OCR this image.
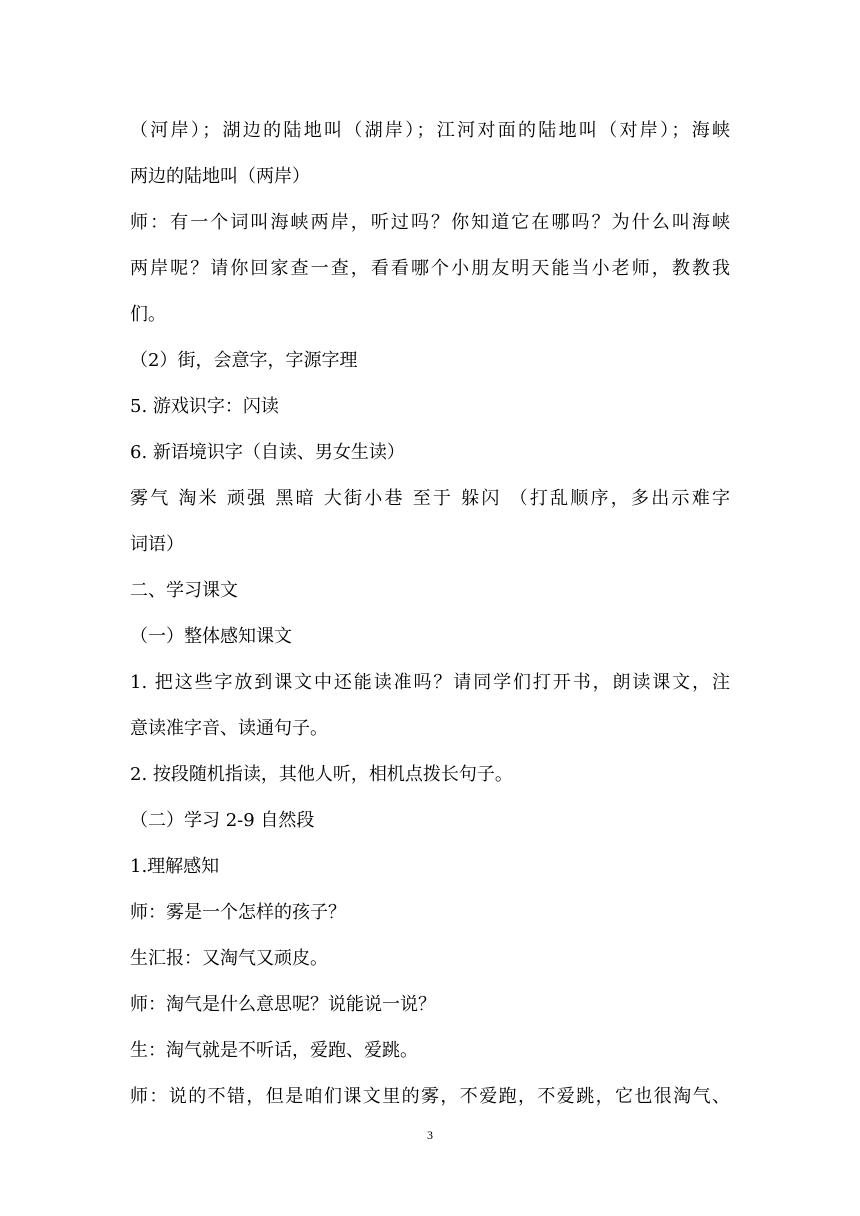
（河岸）；湖边的陆地叫（湖岸）；江河对面的陆地叫（对岸）；海峡
两边的陆地叫（两岸）
师：有一个词叫海峡两岸，听过吗？你知道它在哪吗？为什么叫海峡
两岸呢？请你回家查一查，看看哪个小朋友明天能当小老师，教教我
们。
（2）街，会意字，字源字理
5. 游戏识字：闪读
6. 新语境识字（自读、男女生读）
雾气 淘米 顽强 黑暗 大街小巷 至于 躲闪 （打乱顺序，多出示难字
词语）
二、学习课文
（一）整体感知课文
1. 把这些字放到课文中还能读准吗？请同学们打开书，朗读课文，注
意读准字音、读通句子。
2. 按段随机指读，其他人听，相机点拨长句子。
（二）学习 2-9 自然段
1.理解感知
师：雾是一个怎样的孩子？
生汇报：又淘气又顽皮。
师：淘气是什么意思呢？说能说一说？
生：淘气就是不听话，爱跑、爱跳。
师：说的不错，但是咱们课文里的雾，不爱跑，不爱跳，它也很淘气、
3
